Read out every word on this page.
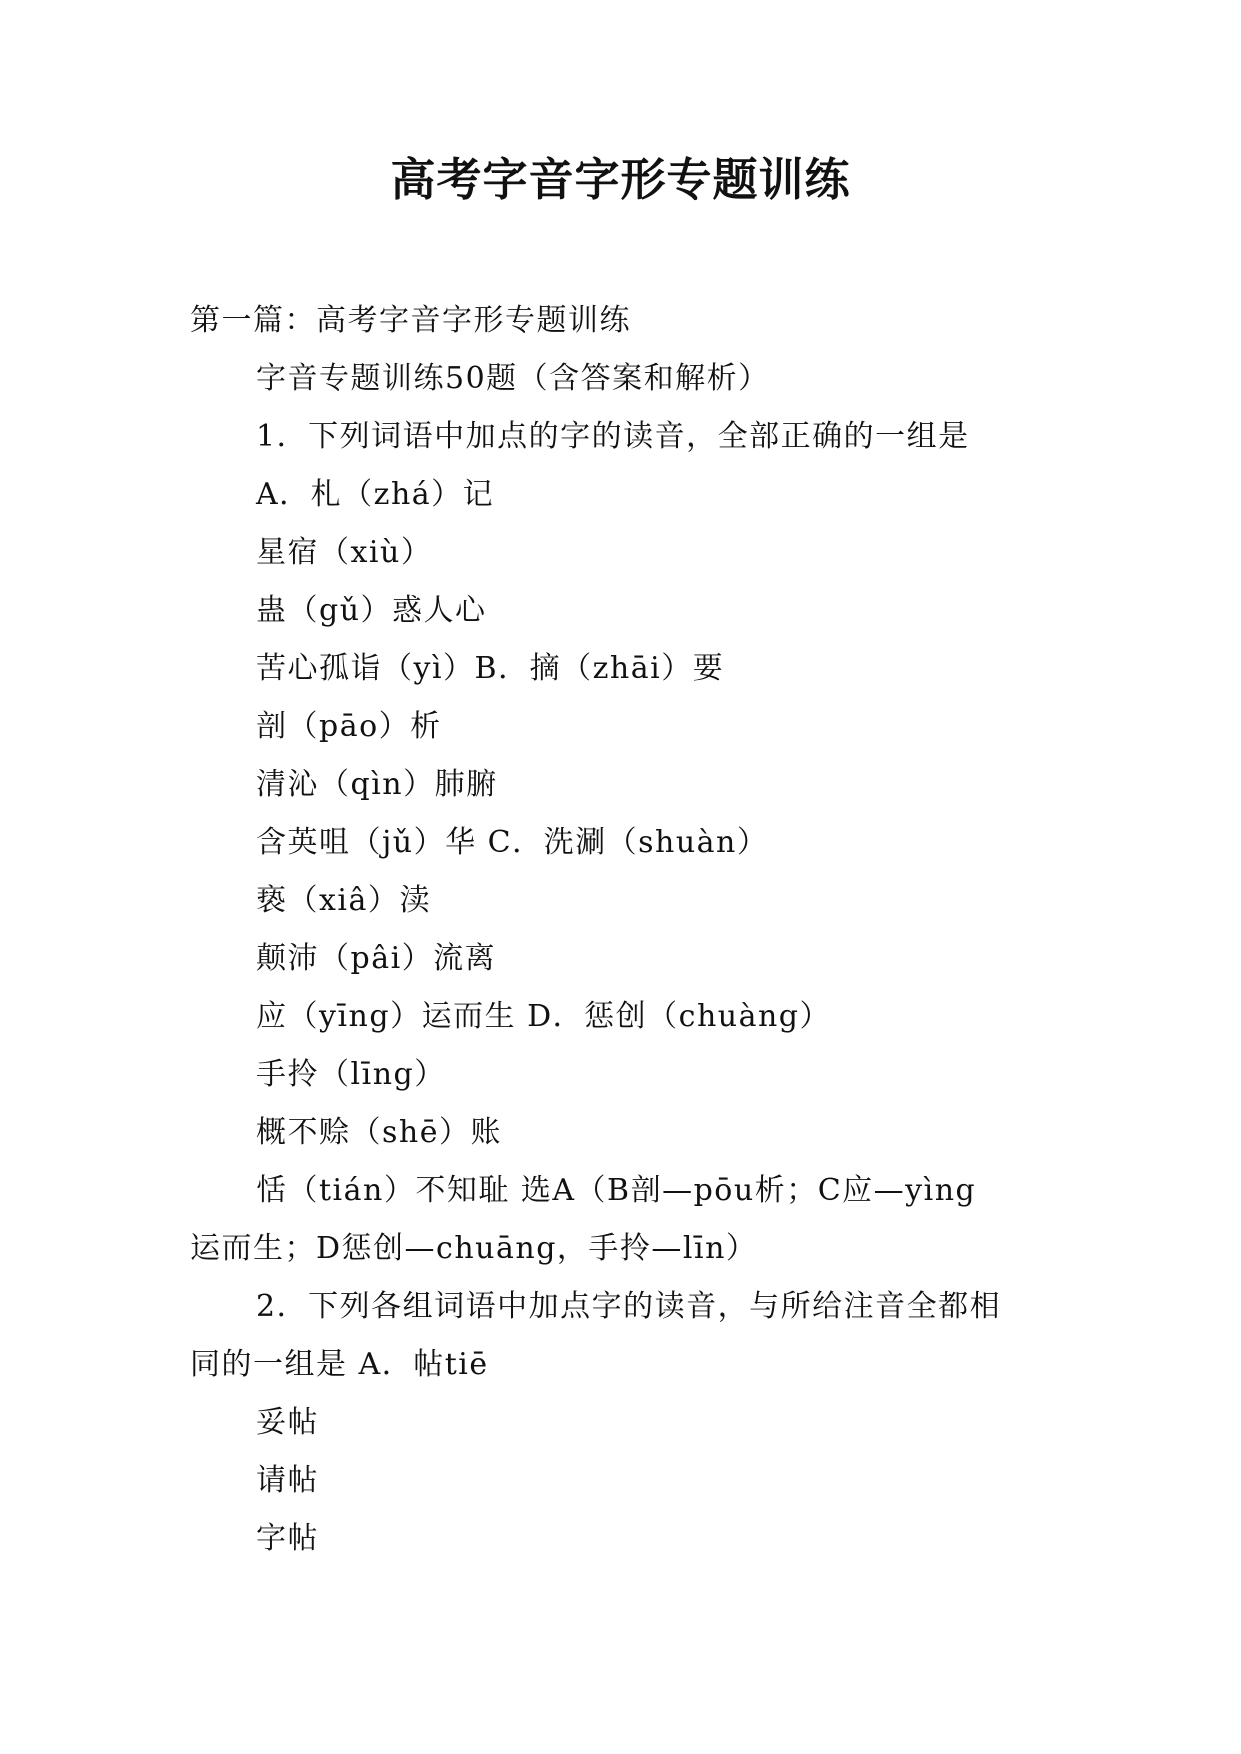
高考字音字形专题训练
第一篇：高考字音字形专题训练
字音专题训练50题（含答案和解析）
1．下列词语中加点的字的读音，全部正确的一组是
A．札（zhá）记
星宿（xiù）
蛊（gǔ）惑人心
苦心孤诣（yì）B．摘（zhāi）要
剖（pāo）析
清沁（qìn）肺腑
含英咀（jǔ）华 C．洗涮（shuàn）
亵（xiâ）渎
颠沛（pâi）流离
应（yīng）运而生 D．惩创（chuàng）
手拎（līng）
概不赊（shē）账
恬（tián）不知耻 选A（B剖—pōu析；C应—yìng
运而生；D惩创—chuāng，手拎—līn）
2．下列各组词语中加点字的读音，与所给注音全都相
同的一组是 A．帖tiē
妥帖
请帖
字帖
